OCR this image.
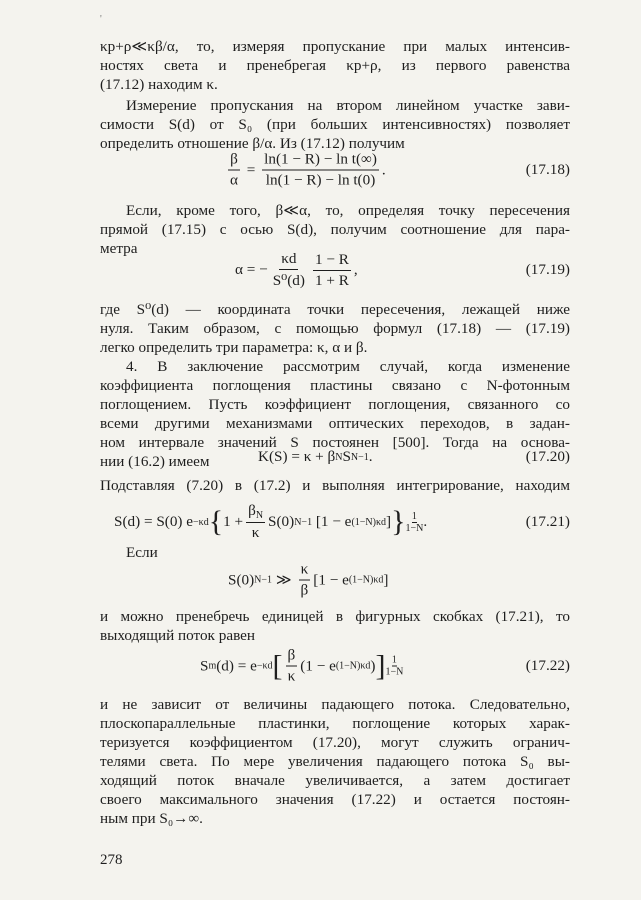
'
κр+ρ≪κβ/α, то, измеряя пропускание при малых интенсив-
ностях света и пренебрегая κр+ρ, из первого равенства
(17.12) находим κ.
Измерение пропускания на втором линейном участке зави-
симости S(d) от S₀ (при больших интенсивностях) позволяет
определить отношение β/α. Из (17.12) получим
$\frac{\beta}{\alpha} = \frac{\text{ln(1 − R) − ln t(∞)}}{\text{ln(1 − R) − ln t(0)}}$ .	(17.18)
Если, кроме того, β≪α, то, определяя точку пересечения
прямой (17.15) с осью S(d), получим соотношение для пара-
метра
α = − $\frac{\kappa d}{\text{S⁰(d)}} \frac{1 - R}{1 + R}$ ,	(17.19)
где S⁰(d) — координата точки пересечения, лежащей ниже
нуля. Таким образом, с помощью формул (17.18) — (17.19)
легко определить три параметра: κ, α и β.
4. В заключение рассмотрим случай, когда изменение
коэффициента поглощения пластины связано с N-фотонным
поглощением. Пусть коэффициент поглощения, связанного со
всеми другими механизмами оптических переходов, в задан-
ном интервале значений S постоянен [500]. Тогда на основа-
нии (16.2) имеем	K(S) = κ + β N S N−1 .	(17.20)
Подставляя (7.20) в (17.2) и выполняя интегрирование, находим
S(d) = S(0) e −κd { $1 + \frac{\beta_N}{\kappa} S(0)$ N−1
[1 − e (1−N)κd ] } 1
1−N .	(17.21)
Если
S(0) N−1
≫
$\frac{\kappa}{\beta} [1 - e$ (1−N)κd ]
и можно пренебречь единицей в фигурных скобках (17.21), то
выходящий поток равен
S m (d) = e −κd [ $\frac{\beta}{\kappa} (1 - e$ (1−N)κd ) ] 1
1−N	(17.22)
и не зависит от величины падающего потока. Следовательно,
плоскопараллельные пластинки, поглощение которых харак-
теризуется коэффициентом (17.20), могут служить огранич-
телями света. По мере увеличения падающего потока S₀ вы-
ходящий поток вначале увеличивается, а затем достигает
своего максимального значения (17.22) и остается постоян-
ным при S₀→∞.
278
